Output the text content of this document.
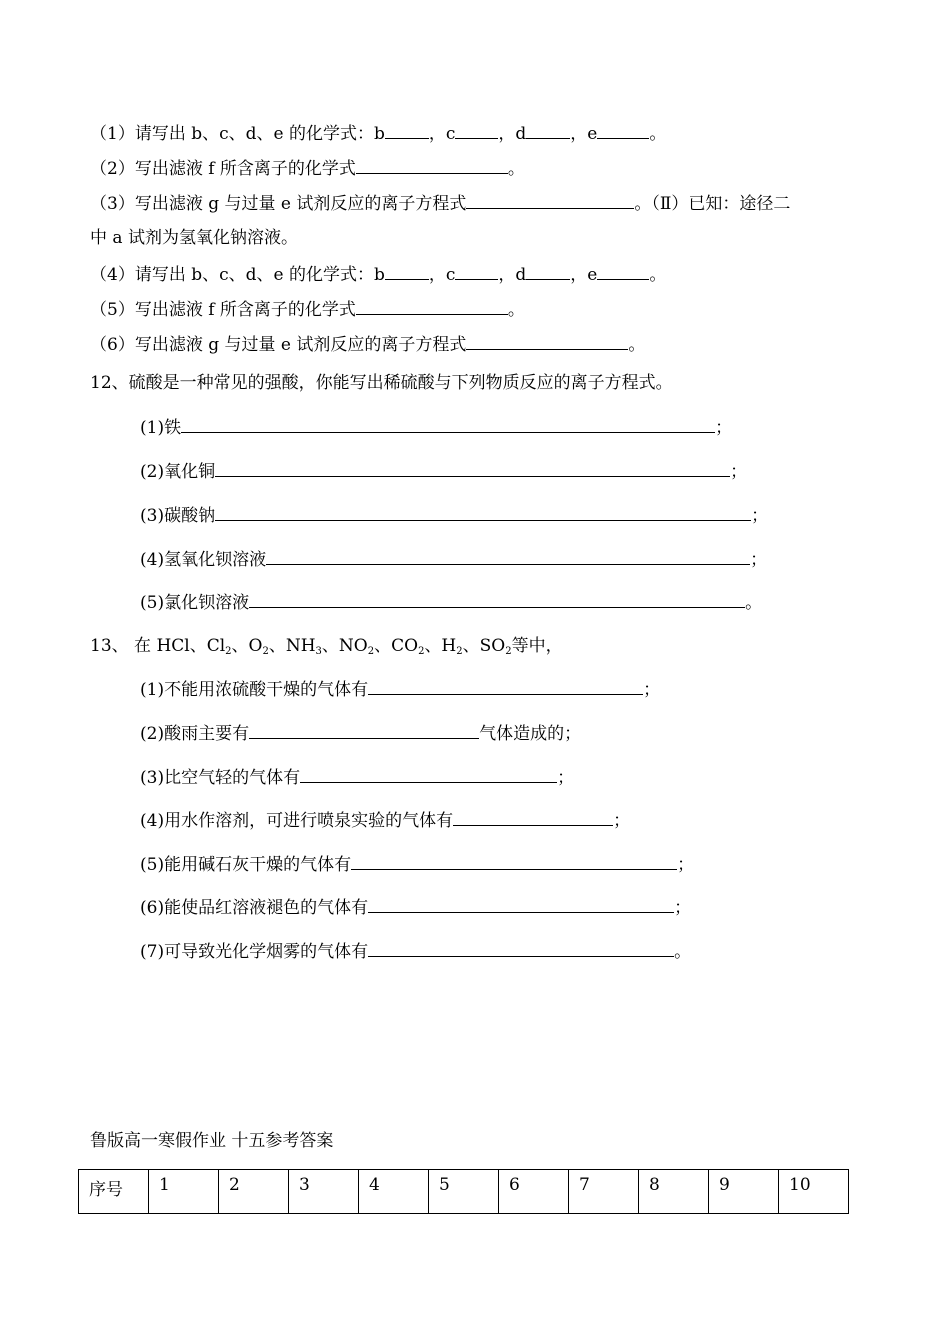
（1）请写出 b、c、d、e 的化学式：b	，c	，d	，e	。
（2）写出滤液 f 所含离子的化学式	。
（3）写出滤液 g 与过量 e 试剂反应的离子方程式	。（Ⅱ）已知：途径二
中 a 试剂为氢氧化钠溶液。
（4）请写出 b、c、d、e 的化学式：b	，c	，d	，e	。
（5）写出滤液 f 所含离子的化学式	。
（6）写出滤液 g 与过量 e 试剂反应的离子方程式	。
12、硫酸是一种常见的强酸，你能写出稀硫酸与下列物质反应的离子方程式。
(1)铁	；
(2)氧化铜	；
(3)碳酸钠	；
(4)氢氧化钡溶液	；
(5)氯化钡溶液	。
13、 在 HCl、$Cl_2$、$O_2$、$NH_3$、$NO_2$、$CO_2$、$H_2$、$SO_2$等中，
(1)不能用浓硫酸干燥的气体有	；
(2)酸雨主要有	气体造成的；
(3)比空气轻的气体有	；
(4)用水作溶剂，可进行喷泉实验的气体有	；
(5)能用碱石灰干燥的气体有	；
(6)能使品红溶液褪色的气体有	；
(7)可导致光化学烟雾的气体有	。
鲁版高一寒假作业 十五参考答案
序号	1	2	3	4	5	6	7	8	9	10
